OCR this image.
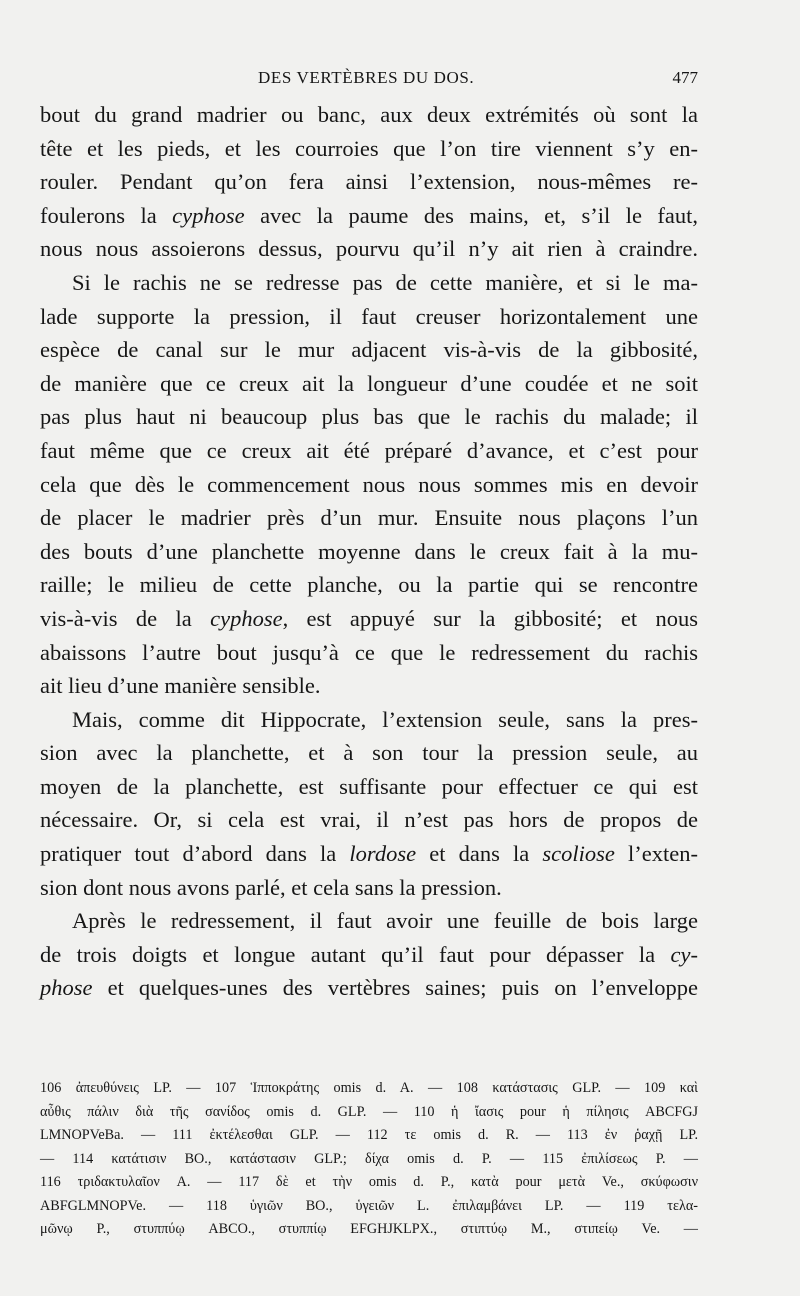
DES VERTÈBRES DU DOS.	477
bout du grand madrier ou banc, aux deux extrémités où sont la
tête et les pieds, et les courroies que l’on tire viennent s’y en-
rouler. Pendant qu’on fera ainsi l’extension, nous-mêmes re-
foulerons la cyphose avec la paume des mains, et, s’il le faut,
nous nous assoierons dessus, pourvu qu’il n’y ait rien à craindre.
Si le rachis ne se redresse pas de cette manière, et si le ma-
lade supporte la pression, il faut creuser horizontalement une
espèce de canal sur le mur adjacent vis-à-vis de la gibbosité,
de manière que ce creux ait la longueur d’une coudée et ne soit
pas plus haut ni beaucoup plus bas que le rachis du malade; il
faut même que ce creux ait été préparé d’avance, et c’est pour
cela que dès le commencement nous nous sommes mis en devoir
de placer le madrier près d’un mur. Ensuite nous plaçons l’un
des bouts d’une planchette moyenne dans le creux fait à la mu-
raille; le milieu de cette planche, ou la partie qui se rencontre
vis-à-vis de la cyphose, est appuyé sur la gibbosité; et nous
abaissons l’autre bout jusqu’à ce que le redressement du rachis
ait lieu d’une manière sensible.
Mais, comme dit Hippocrate, l’extension seule, sans la pres-
sion avec la planchette, et à son tour la pression seule, au
moyen de la planchette, est suffisante pour effectuer ce qui est
nécessaire. Or, si cela est vrai, il n’est pas hors de propos de
pratiquer tout d’abord dans la lordose et dans la scoliose l’exten-
sion dont nous avons parlé, et cela sans la pression.
Après le redressement, il faut avoir une feuille de bois large
de trois doigts et longue autant qu’il faut pour dépasser la cy-
phose et quelques-unes des vertèbres saines; puis on l’enveloppe
106 ἀπευθύνεις LP. — 107 Ἱπποκράτης omis d. A. — 108 κατάστασις GLP. — 109 καὶ
αὖθις πάλιν διὰ τῆς σανίδος omis d. GLP. — 110 ἡ ἴασις pour ἡ πίλησις ABCFGJ
LMNOPVeBa. — 111 ἐκτέλεσθαι GLP. — 112 τε omis d. R. — 113 ἐν ῥαχῇ LP.
— 114 κατάτισιν BO., κατάστασιν GLP.; δίχα omis d. P. — 115 ἐπιλίσεως P. —
116 τριδακτυλαῖον A. — 117 δὲ et τὴν omis d. P., κατὰ pour μετὰ Ve., σκύφωσιν
ABFGLMNOPVe. — 118 ὑγιῶν BO., ὑγειῶν L. ἐπιλαμβάνει LP. — 119 τελα-
μῶνῳ P., στυππύῳ ABCO., στυππίῳ EFGHJKLPX., στιπτύῳ M., στιπείῳ Ve. —
